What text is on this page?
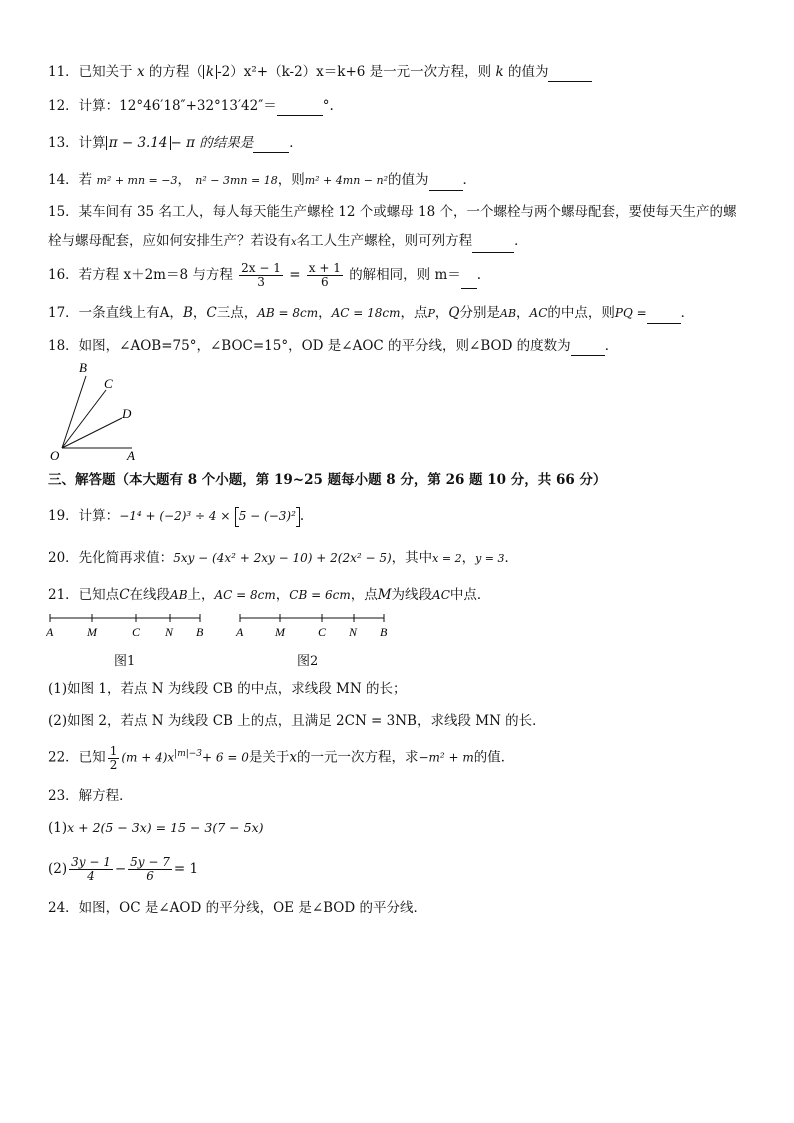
11．已知关于 x 的方程（ k -2）x²+（k-2）x＝k+6 是一元一次方程，则 k 的值为
12．计算：12°46′18″+32°13′42″＝	°.
13．计算 π − 3.14 − π 的结果是	．
14．若 m² + mn = −3， n² − 3mn = 18，则m² + 4mn − n²的值为	．
15．某车间有 35 名工人，每人每天能生产螺栓 12 个或螺母 18 个，一个螺栓与两个螺母配套，要使每天生产的螺
栓与螺母配套，应如何安排生产？若设有x名工人生产螺栓，则可列方程	．
16．若方程 x＋2m＝8 与方程 $\frac{2x - 1}{3} = \frac{x + 1}{6}$ 的解相同，则 m＝ .
17．一条直线上有A，B，C三点，AB = 8cm，AC = 18cm，点P，Q分别是AB，AC的中点，则PQ =	．
18．如图，∠AOB=75°，∠BOC=15°，OD 是∠AOC 的平分线，则∠BOD 的度数为	．
B
C
D
O	A
三、解答题（本大题有 8 个小题，第 19~25 题每小题 8 分，第 26 题 10 分，共 66 分）
19．计算：−1⁴ + (−2)³ ÷ 4 × 5 − (−3)² .
20．先化简再求值：5xy − (4x² + 2xy − 10) + 2(2x² − 5)，其中x = 2，y = 3．
21．已知点C在线段AB上，AC = 8cm，CB = 6cm，点M为线段AC中点．
A	M	C N B	A	M	C N B
图1	图2
(1)如图 1，若点 N 为线段 CB 的中点，求线段 MN 的长；
(2)如图 2，若点 N 为线段 CB 上的点，且满足 2CN = 3NB，求线段 MN 的长．
22．已知 $\frac{1}{2} (m + 4)x^{|m|-3}+ 6 = 0$是关于x的一元一次方程，求−m² + m的值．
23．解方程．
(1)x + 2(5 − 3x) = 15 − 3(7 − 5x)
$(2) \frac{3y - 1}{4} - \frac{5y - 7}{6} = 1$
24．如图，OC 是∠AOD 的平分线，OE 是∠BOD 的平分线．
